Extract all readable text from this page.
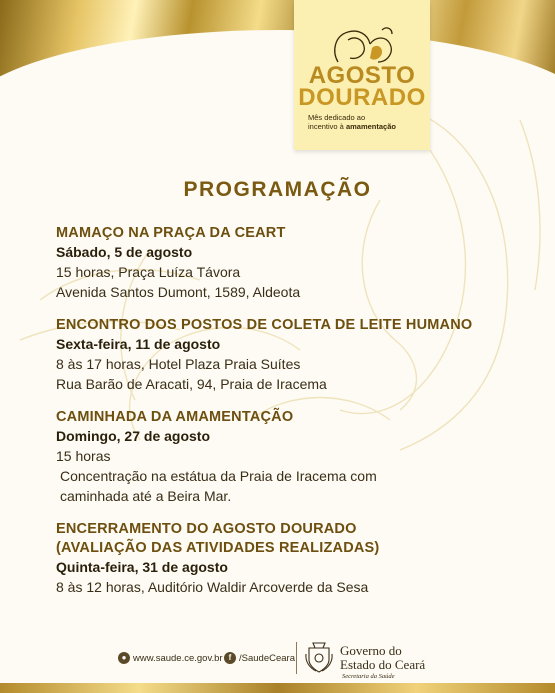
AGOSTO
DOURADO
Mês dedicado ao
incentivo à amamentação
PROGRAMAÇÃO
MAMAÇO NA PRAÇA DA CEART
Sábado, 5 de agosto
15 horas, Praça Luíza Távora
Avenida Santos Dumont, 1589, Aldeota
ENCONTRO DOS POSTOS DE COLETA DE LEITE HUMANO
Sexta-feira, 11 de agosto
8 às 17 horas, Hotel Plaza Praia Suítes
Rua Barão de Aracati, 94, Praia de Iracema
CAMINHADA DA AMAMENTAÇÃO
Domingo, 27 de agosto
15 horas
Concentração na estátua da Praia de Iracema com
caminhada até a Beira Mar.
ENCERRAMENTO DO AGOSTO DOURADO
(AVALIAÇÃO DAS ATIVIDADES REALIZADAS)
Quinta-feira, 31 de agosto
8 às 12 horas, Auditório Waldir Arcoverde da Sesa
● www.saude.ce.gov.br f /SaudeCeara
Governo do
Estado do Ceará
Secretaria da Saúde
